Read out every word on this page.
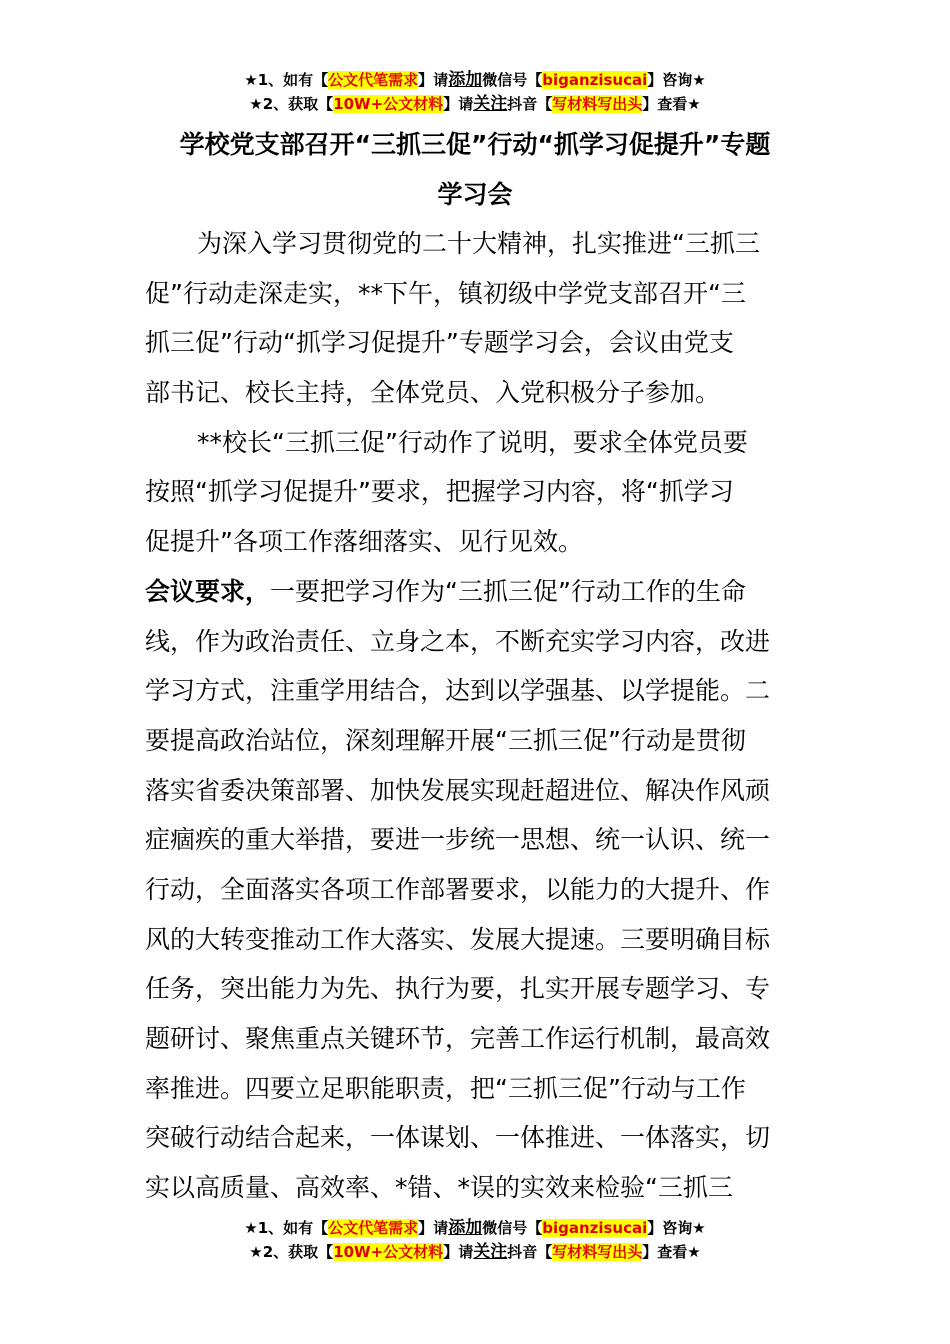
★1、如有【公文代笔需求】请添加微信号【biganzisucai】咨询★
★2、获取【10W+公文材料】请关注抖音【写材料写出头】查看★
学校党支部召开“三抓三促”行动“抓学习促提升”专题
学习会
为深入学习贯彻党的二十大精神，扎实推进“三抓三
促”行动走深走实，**下午，镇初级中学党支部召开“三
抓三促”行动“抓学习促提升”专题学习会，会议由党支
部书记、校长主持，全体党员、入党积极分子参加。
**校长“三抓三促”行动作了说明，要求全体党员要
按照“抓学习促提升”要求，把握学习内容，将“抓学习
促提升”各项工作落细落实、见行见效。
会议要求，一要把学习作为“三抓三促”行动工作的生命
线，作为政治责任、立身之本，不断充实学习内容，改进
学习方式，注重学用结合，达到以学强基、以学提能。二
要提高政治站位，深刻理解开展“三抓三促”行动是贯彻
落实省委决策部署、加快发展实现赶超进位、解决作风顽
症痼疾的重大举措，要进一步统一思想、统一认识、统一
行动，全面落实各项工作部署要求，以能力的大提升、作
风的大转变推动工作大落实、发展大提速。三要明确目标
任务，突出能力为先、执行为要，扎实开展专题学习、专
题研讨、聚焦重点关键环节，完善工作运行机制，最高效
率推进。四要立足职能职责，把“三抓三促”行动与工作
突破行动结合起来，一体谋划、一体推进、一体落实，切
实以高质量、高效率、*错、*误的实效来检验“三抓三
★1、如有【公文代笔需求】请添加微信号【biganzisucai】咨询★
★2、获取【10W+公文材料】请关注抖音【写材料写出头】查看★
